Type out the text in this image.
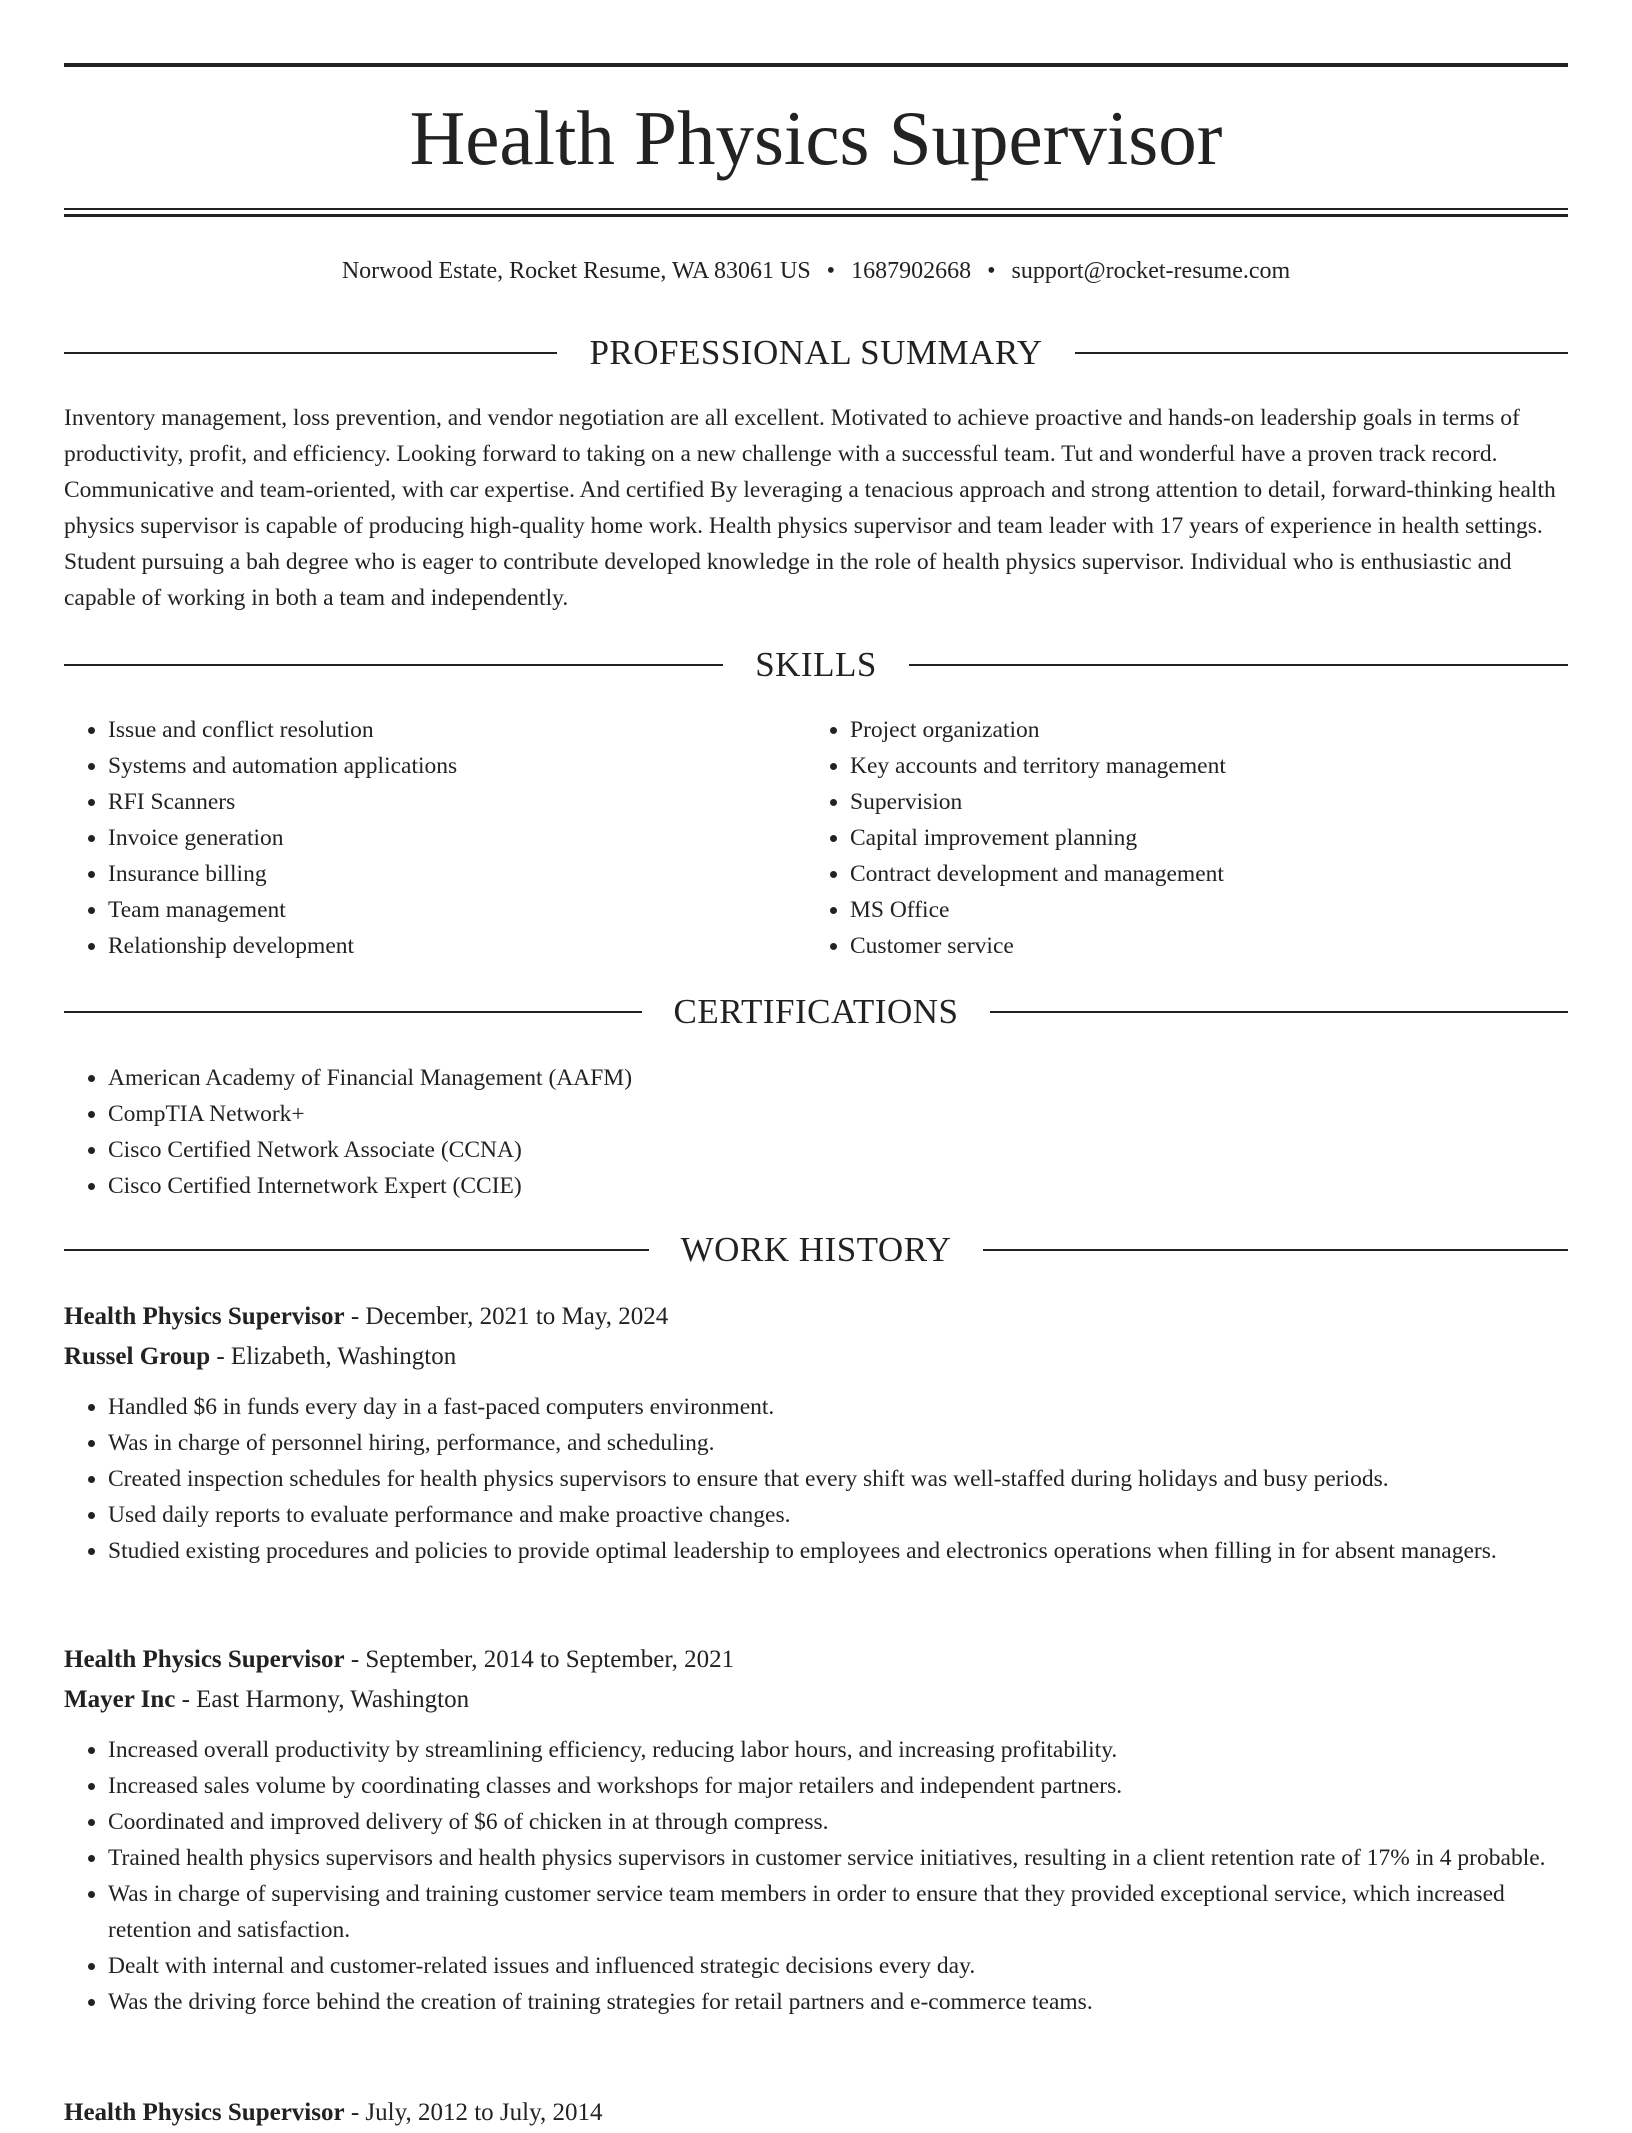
Health Physics Supervisor
Norwood Estate, Rocket Resume, WA 83061 US • 1687902668 • support@rocket-resume.com
PROFESSIONAL SUMMARY

Inventory management, loss prevention, and vendor negotiation are all excellent. Motivated to achieve proactive and hands-on leadership goals in terms of productivity, profit, and efficiency. Looking forward to taking on a new challenge with a successful team. Tut and wonderful have a proven track record. Communicative and team-oriented, with car expertise. And certified By leveraging a tenacious approach and strong attention to detail, forward-thinking health physics supervisor is capable of producing high-quality home work. Health physics supervisor and team leader with 17 years of experience in health settings. Student pursuing a bah degree who is eager to contribute developed knowledge in the role of health physics supervisor. Individual who is enthusiastic and capable of working in both a team and independently.

SKILLS
• Issue and conflict resolution
• Systems and automation applications
• RFI Scanners
• Invoice generation
• Insurance billing
• Team management
• Relationship development
• Project organization
• Key accounts and territory management
• Supervision
• Capital improvement planning
• Contract development and management
• MS Office
• Customer service
CERTIFICATIONS
• American Academy of Financial Management (AAFM)
• CompTIA Network+
• Cisco Certified Network Associate (CCNA)
• Cisco Certified Internetwork Expert (CCIE)
WORK HISTORY
Health Physics Supervisor - December, 2021 to May, 2024
Russel Group - Elizabeth, Washington
• Handled $6 in funds every day in a fast-paced computers environment.
• Was in charge of personnel hiring, performance, and scheduling.
• Created inspection schedules for health physics supervisors to ensure that every shift was well-staffed during holidays and busy periods.
• Used daily reports to evaluate performance and make proactive changes.
• Studied existing procedures and policies to provide optimal leadership to employees and electronics operations when filling in for absent managers.
Health Physics Supervisor - September, 2014 to September, 2021
Mayer Inc - East Harmony, Washington
• Increased overall productivity by streamlining efficiency, reducing labor hours, and increasing profitability.
• Increased sales volume by coordinating classes and workshops for major retailers and independent partners.
• Coordinated and improved delivery of $6 of chicken in at through compress.
• Trained health physics supervisors and health physics supervisors in customer service initiatives, resulting in a client retention rate of 17% in 4 probable.
• Was in charge of supervising and training customer service team members in order to ensure that they provided exceptional service, which increased retention and satisfaction.
• Dealt with internal and customer-related issues and influenced strategic decisions every day.
• Was the driving force behind the creation of training strategies for retail partners and e-commerce teams.
Health Physics Supervisor - July, 2012 to July, 2014
